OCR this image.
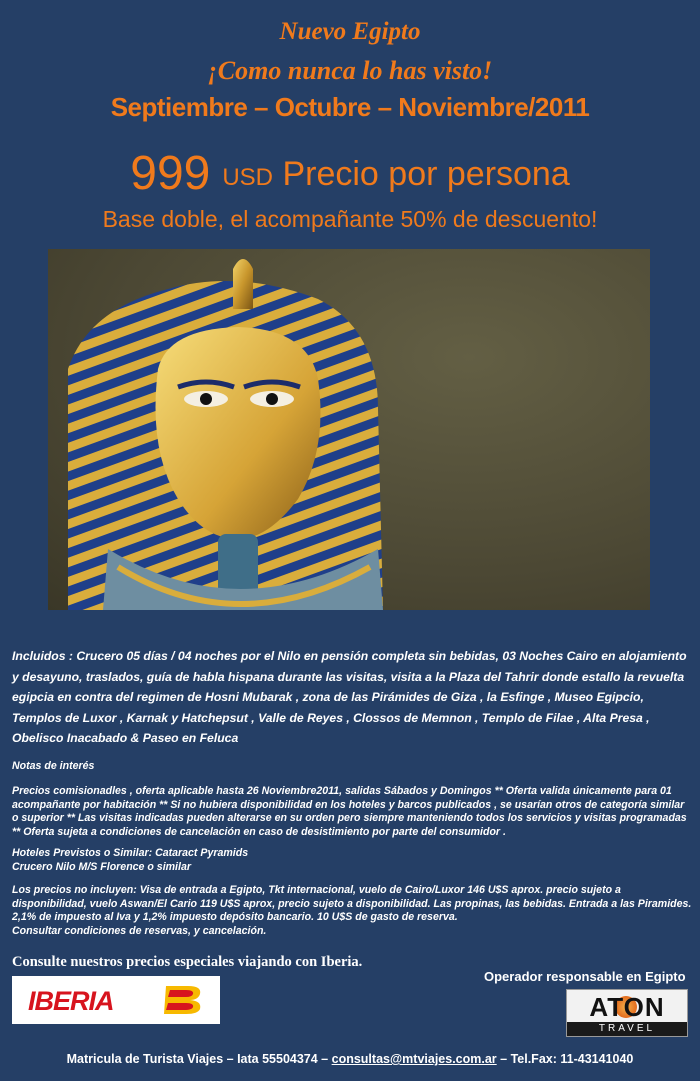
Nuevo Egipto
¡Como nunca lo has visto!
Septiembre – Octubre – Noviembre/2011
999 USD Precio por persona
Base doble, el acompañante 50% de descuento!
Incluidos : Crucero 05 días / 04 noches por el Nilo en pensión completa sin bebidas, 03 Noches Cairo en alojamiento y desayuno, traslados, guía de habla hispana durante las visitas, visita a la Plaza del Tahrir donde estallo la revuelta egipcia en contra del regimen de Hosni Mubarak , zona de las Pirámides de Giza , la Esfinge , Museo Egipcio, Templos de Luxor , Karnak y Hatchepsut , Valle de Reyes , Clossos de Memnon , Templo de Filae , Alta Presa , Obelisco Inacabado & Paseo en Feluca
Notas de interés
Precios comisionadles , oferta aplicable hasta 26 Noviembre2011, salidas Sábados y Domingos ** Oferta valida únicamente para 01 acompañante por habitación ** Si no hubiera disponibilidad en los hoteles y barcos publicados , se usarían otros de categoría similar o superior ** Las visitas indicadas pueden alterarse en su orden pero siempre manteniendo todos los servicios y visitas programadas ** Oferta sujeta a condiciones de cancelación en caso de desistimiento por parte del consumidor .
Hoteles Previstos o Similar: Cataract Pyramids
Crucero Nilo M/S Florence o similar
Los precios no incluyen: Visa de entrada a Egipto, Tkt internacional, vuelo de Cairo/Luxor 146 U$S aprox. precio sujeto a disponibilidad, vuelo Aswan/El Cario 119 U$S aprox, precio sujeto a disponibilidad. Las propinas, las bebidas. Entrada a las Piramides. 2,1% de impuesto al Iva y 1,2% impuesto depósito bancario. 10 U$S de gasto de reserva.
Consultar condiciones de reservas, y cancelación.
Consulte nuestros precios especiales viajando con Iberia.
IBERIA
Operador responsable en Egipto
ATON
TRAVEL
Matricula de Turista Viajes – Iata 55504374 – consultas@mtviajes.com.ar – Tel.Fax: 11-43141040
